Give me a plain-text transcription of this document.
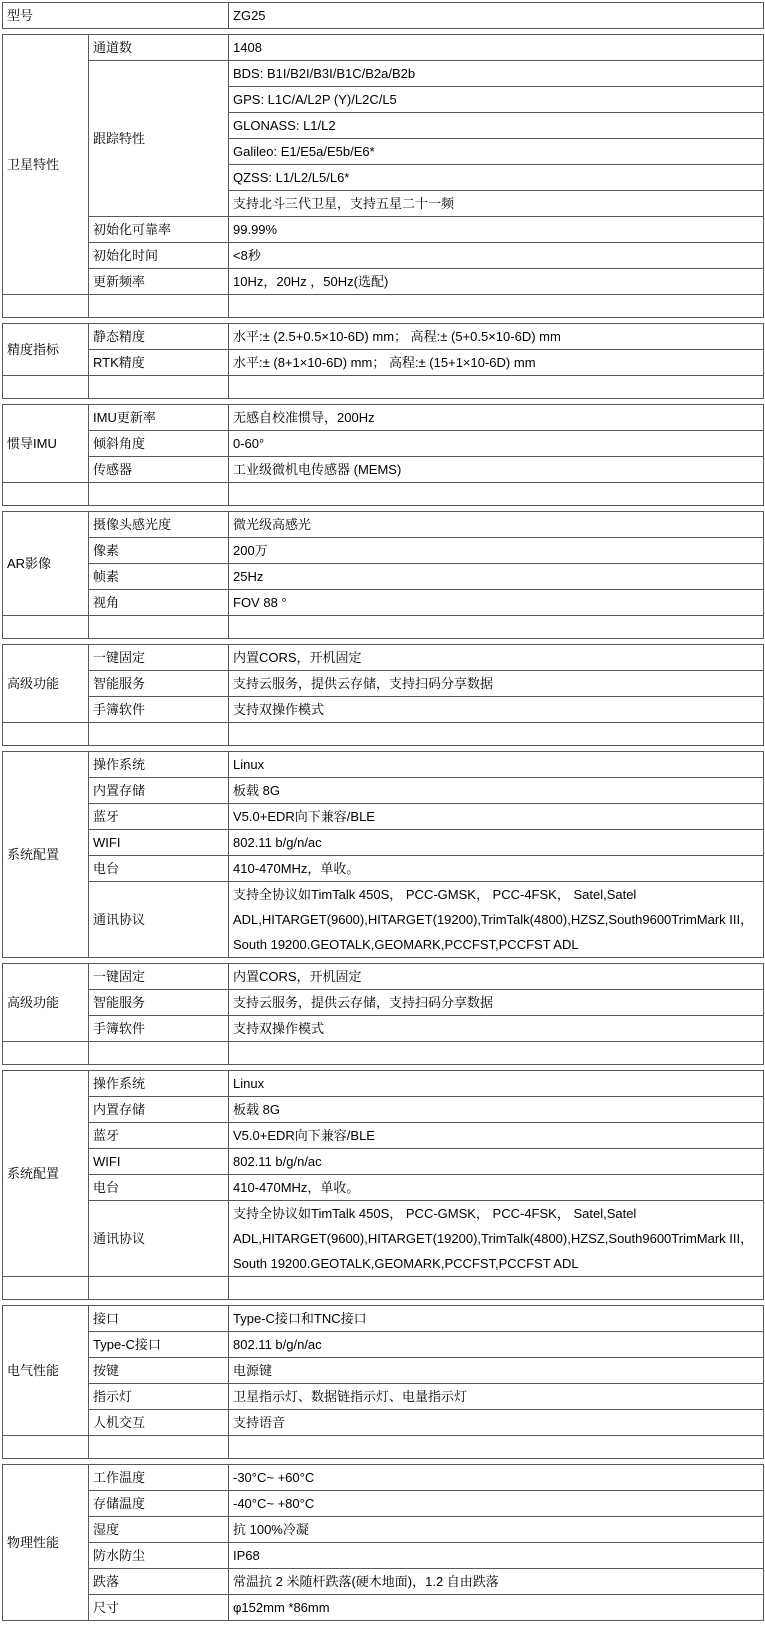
型号	ZG25
卫星特性	通道数	1408
	跟踪特性	BDS: B1I/B2I/B3I/B1C/B2a/B2b
		GPS: L1C/A/L2P (Y)/L2C/L5
		GLONASS: L1/L2
		Galileo: E1/E5a/E5b/E6*
		QZSS: L1/L2/L5/L6*
		支持北斗三代卫星，支持五星二十一频
	初始化可靠率	99.99%
	初始化时间	<8秒
	更新频率	10Hz，20Hz ，50Hz(选配)

精度指标	静态精度	水平:± (2.5+0.5×10-6D) mm； 高程:± (5+0.5×10-6D) mm
	RTK精度	水平:± (8+1×10-6D) mm； 高程:± (15+1×10-6D) mm

惯导IMU	IMU更新率	无感自校准惯导，200Hz
	倾斜角度	0-60°
	传感器	工业级微机电传感器 (MEMS)

AR影像	摄像头感光度	微光级高感光
	像素	200万
	帧素	25Hz
	视角	FOV 88 °

高级功能	一键固定	内置CORS，开机固定
	智能服务	支持云服务，提供云存储，支持扫码分享数据
	手簿软件	支持双操作模式

系统配置	操作系统	Linux
	内置存储	板载 8G
	蓝牙	V5.0+EDR向下兼容/BLE
	WIFI	802.11 b/g/n/ac
	电台	410-470MHz，单收。
	通讯协议	支持全协议如TimTalk 450S， PCC-GMSK， PCC-4FSK， Satel,Satel ADL,HITARGET(9600),HITARGET(19200),TrimTalk(4800),HZSZ,South9600TrimMark III， South 19200.GEOTALK,GEOMARK,PCCFST,PCCFST ADL
高级功能	一键固定	内置CORS，开机固定
	智能服务	支持云服务，提供云存储，支持扫码分享数据
	手簿软件	支持双操作模式

系统配置	操作系统	Linux
	内置存储	板载 8G
	蓝牙	V5.0+EDR向下兼容/BLE
	WIFI	802.11 b/g/n/ac
	电台	410-470MHz，单收。
	通讯协议	支持全协议如TimTalk 450S， PCC-GMSK， PCC-4FSK， Satel,Satel ADL,HITARGET(9600),HITARGET(19200),TrimTalk(4800),HZSZ,South9600TrimMark III， South 19200.GEOTALK,GEOMARK,PCCFST,PCCFST ADL

电气性能	接口	Type-C接口和TNC接口
	Type-C接口	802.11 b/g/n/ac
	按键	电源键
	指示灯	卫星指示灯、数据链指示灯、电量指示灯
	人机交互	支持语音

物理性能	工作温度	-30°C~ +60°C
	存储温度	-40°C~ +80°C
	湿度	抗 100%冷凝
	防水防尘	IP68
	跌落	常温抗 2 米随杆跌落(硬木地面)，1.2 自由跌落
	尺寸	φ152mm *86mm
